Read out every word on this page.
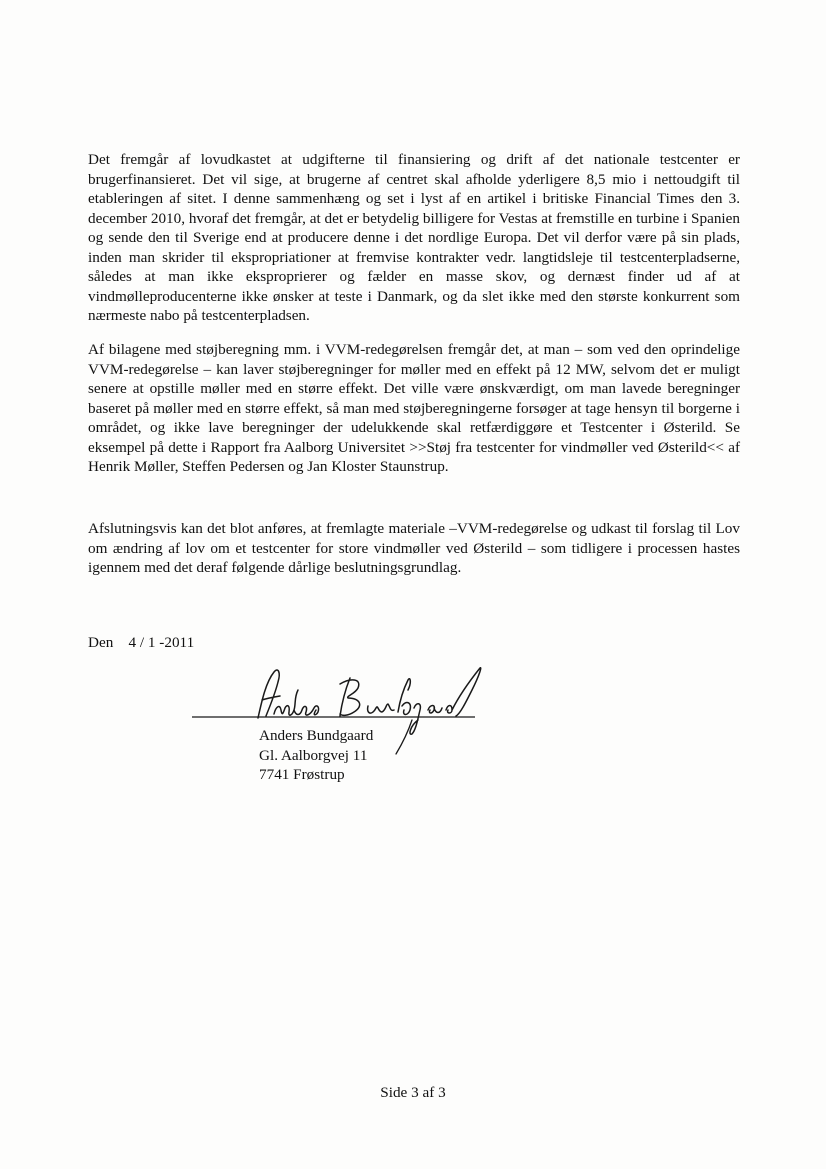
Det fremgår af lovudkastet at udgifterne til finansiering og drift af det nationale testcenter er brugerfinansieret. Det vil sige, at brugerne af centret skal afholde yderligere 8,5 mio i nettoudgift til etableringen af sitet. I denne sammenhæng og set i lyst af en artikel i britiske Financial Times den 3. december 2010, hvoraf det fremgår, at det er betydelig billigere for Vestas at fremstille en turbine i Spanien og sende den til Sverige end at producere denne i det nordlige Europa. Det vil derfor være på sin plads, inden man skrider til ekspropriationer at fremvise kontrakter vedr. langtidsleje til testcenterpladserne, således at man ikke eksproprierer og fælder en masse skov, og dernæst finder ud af at vindmølleproducenterne ikke ønsker at teste i Danmark, og da slet ikke med den største konkurrent som nærmeste nabo på testcenterpladsen.

Af bilagene med støjberegning mm. i VVM-redegørelsen fremgår det, at man – som ved den oprindelige VVM-redegørelse – kan laver støjberegninger for møller med en effekt på 12 MW, selvom det er muligt senere at opstille møller med en større effekt. Det ville være ønskværdigt, om man lavede beregninger baseret på møller med en større effekt, så man med støjberegningerne forsøger at tage hensyn til borgerne i området, og ikke lave beregninger der udelukkende skal retfærdiggøre et Testcenter i Østerild. Se eksempel på dette i Rapport fra Aalborg Universitet >>Støj fra testcenter for vindmøller ved Østerild<< af Henrik Møller, Steffen Pedersen og Jan Kloster Staunstrup.

Afslutningsvis kan det blot anføres, at fremlagte materiale –VVM-redegørelse og udkast til forslag til Lov om ændring af lov om et testcenter for store vindmøller ved Østerild – som tidligere i processen hastes igennem med det deraf følgende dårlige beslutningsgrundlag.

Den    4 / 1 -2011
Anders Bundgaard
Gl. Aalborgvej 11
7741 Frøstrup
Side 3 af 3
